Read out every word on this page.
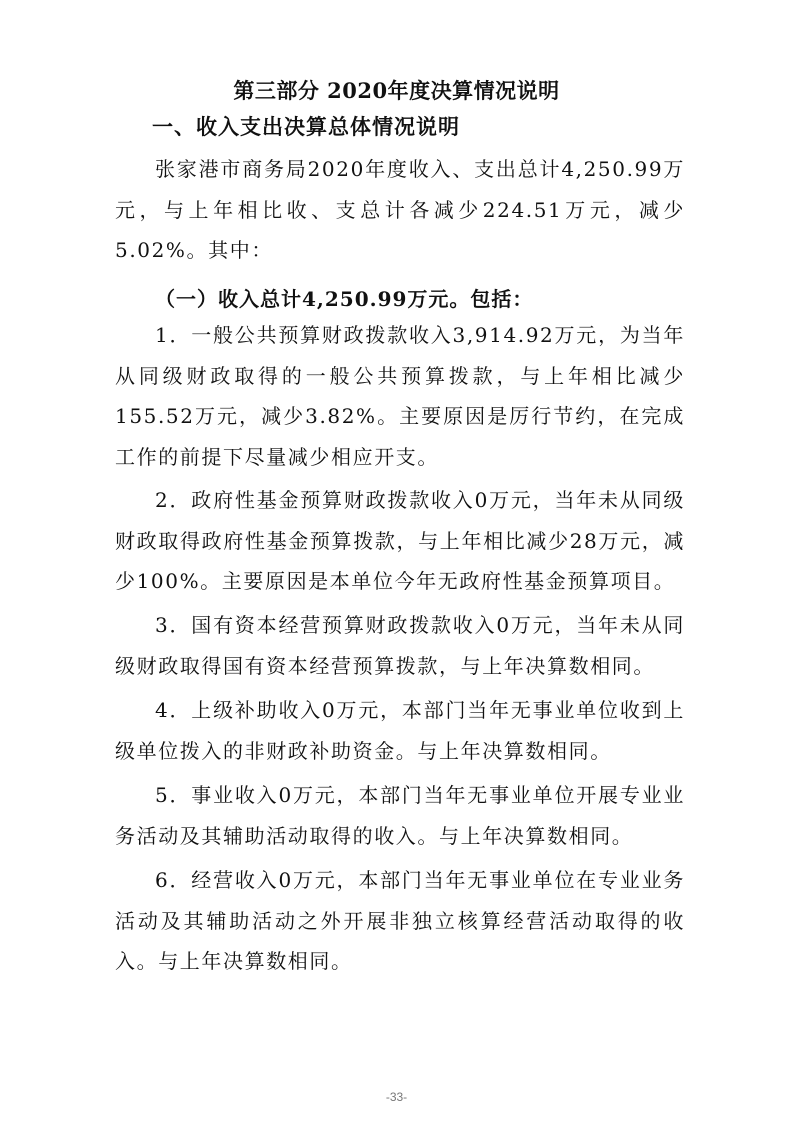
第三部分 2020年度决算情况说明
一、收入支出决算总体情况说明

张家港市商务局2020年度收入、支出总计4,250.99万元，与上年相比收、支总计各减少224.51万元，减少5.02%。其中：

（一）收入总计4,250.99万元。包括：

1．一般公共预算财政拨款收入3,914.92万元，为当年从同级财政取得的一般公共预算拨款，与上年相比减少155.52万元，减少3.82%。主要原因是厉行节约，在完成工作的前提下尽量减少相应开支。

2．政府性基金预算财政拨款收入0万元，当年未从同级财政取得政府性基金预算拨款，与上年相比减少28万元，减少100%。主要原因是本单位今年无政府性基金预算项目。

3．国有资本经营预算财政拨款收入0万元，当年未从同级财政取得国有资本经营预算拨款，与上年决算数相同。

4．上级补助收入0万元，本部门当年无事业单位收到上级单位拨入的非财政补助资金。与上年决算数相同。

5．事业收入0万元，本部门当年无事业单位开展专业业务活动及其辅助活动取得的收入。与上年决算数相同。

6．经营收入0万元，本部门当年无事业单位在专业业务活动及其辅助活动之外开展非独立核算经营活动取得的收入。与上年决算数相同。

-33-
